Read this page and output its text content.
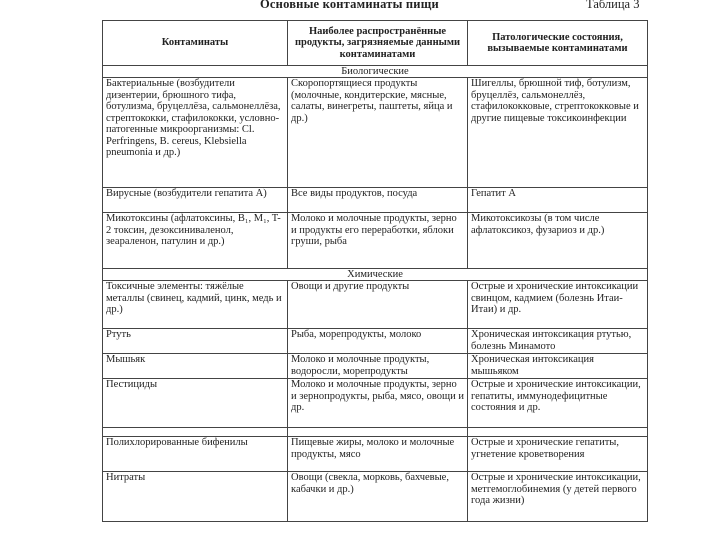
Основные контаминаты пищи	Таблица 3
Контаминаты	Наиболее распространённые продукты, загрязняемые данными контаминатами	Патологические состояния, вызываемые контаминатами
Биологические		
Бактериальные (возбудители дизентерии, брюшного тифа, ботулизма, бруцеллёза, сальмонеллёза, стрептококки, стафилококки, условно-патогенные микроорганизмы: Cl. Perfringens, B. cereus, Klebsiella pneumonia и др.)	Скоропортящиеся продукты (молочные, кондитерские, мясные, салаты, винегреты, паштеты, яйца и др.)	Шигеллы, брюшной тиф, ботулизм, бруцеллёз, сальмонеллёз, стафилококковые, стрептококковые и другие пищевые токсикоинфекции
Вирусные (возбудители гепатита А)	Все виды продуктов, посуда	Гепатит А
Микотоксины (афлатоксины, B₁, M₁, T-2 токсин, дезоксиниваленол, зеараленон, патулин и др.)	Молоко и молочные продукты, зерно и продукты его переработки, яблоки груши, рыба	Микотоксикозы (в том числе афлатоксикоз, фузариоз и др.)
Химические		
Токсичные элементы: тяжёлые металлы (свинец, кадмий, цинк, медь и др.)	Овощи и другие продукты	Острые и хронические интоксикации свинцом, кадмием (болезнь Итаи-Итаи) и др.
Ртуть	Рыба, морепродукты, молоко	Хроническая интоксикация ртутью, болезнь Минамото
Мышьяк	Молоко и молочные продукты, водоросли, морепродукты	Хроническая интоксикация мышьяком
Пестициды	Молоко и молочные продукты, зерно и зернопродукты, рыба, мясо, овощи и др.	Острые и хронические интоксикации, гепатиты, иммунодефицитные состояния и др.

Полихлорированные бифенилы	Пищевые жиры, молоко и молочные продукты, мясо	Острые и хронические гепатиты, угнетение кроветворения
Нитраты	Овощи (свекла, морковь, бахчевые, кабачки и др.)	Острые и хронические интоксикации, метгемоглобинемия (у детей первого года жизни)
